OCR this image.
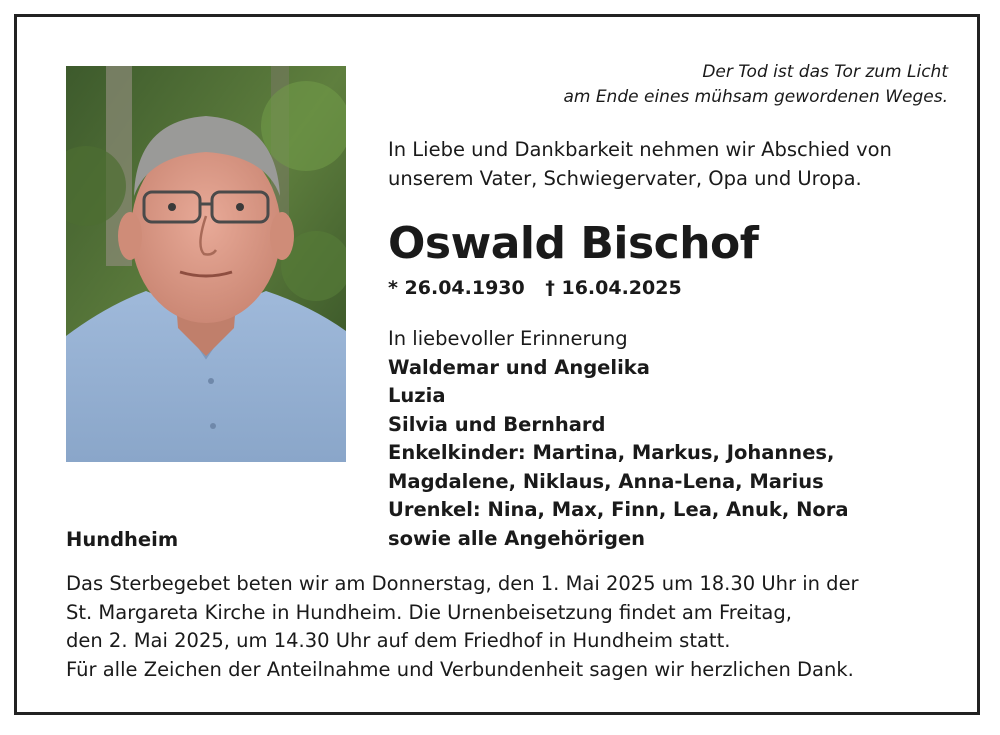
Der Tod ist das Tor zum Licht
am Ende eines mühsam gewordenen Weges.
In Liebe und Dankbarkeit nehmen wir Abschied von
unserem Vater, Schwiegervater, Opa und Uropa.
Oswald Bischof
* 26.04.1930 † 16.04.2025
In liebevoller Erinnerung
Waldemar und Angelika
Luzia
Silvia und Bernhard
Enkelkinder: Martina, Markus, Johannes,
Magdalene, Niklaus, Anna-Lena, Marius
Urenkel: Nina, Max, Finn, Lea, Anuk, Nora
sowie alle Angehörigen
Hundheim
Das Sterbegebet beten wir am Donnerstag, den 1. Mai 2025 um 18.30 Uhr in der
St. Margareta Kirche in Hundheim. Die Urnenbeisetzung findet am Freitag,
den 2. Mai 2025, um 14.30 Uhr auf dem Friedhof in Hundheim statt.
Für alle Zeichen der Anteilnahme und Verbundenheit sagen wir herzlichen Dank.
